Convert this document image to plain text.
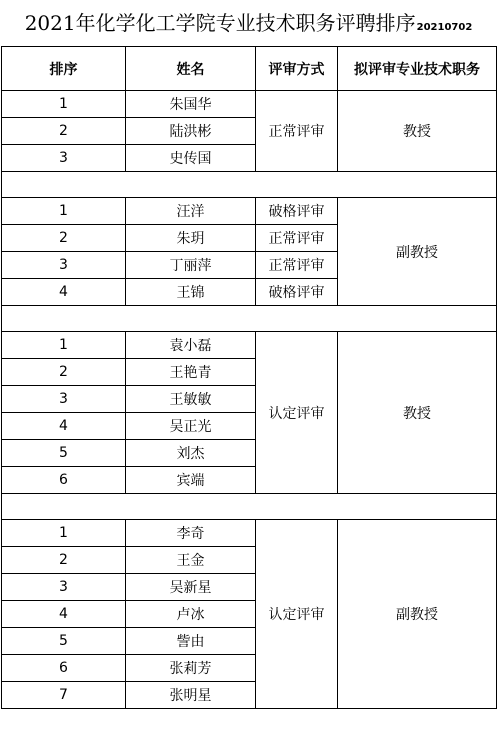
2021年化学化工学院专业技术职务评聘排序20210702
排序	姓名	评审方式	拟评审专业技术职务
1	朱国华	正常评审	教授
2	陆洪彬		
3	史传国		

1	汪洋	破格评审	副教授
2	朱玥	正常评审	
3	丁丽萍	正常评审	
4	王锦	破格评审	

1	袁小磊	认定评审	教授
2	王艳青		
3	王敏敏		
4	吴正光		
5	刘杰		
6	宾端		

1	李奇	认定评审	副教授
2	王金		
3	吴新星		
4	卢冰		
5	訾由		
6	张莉芳		
7	张明星		
